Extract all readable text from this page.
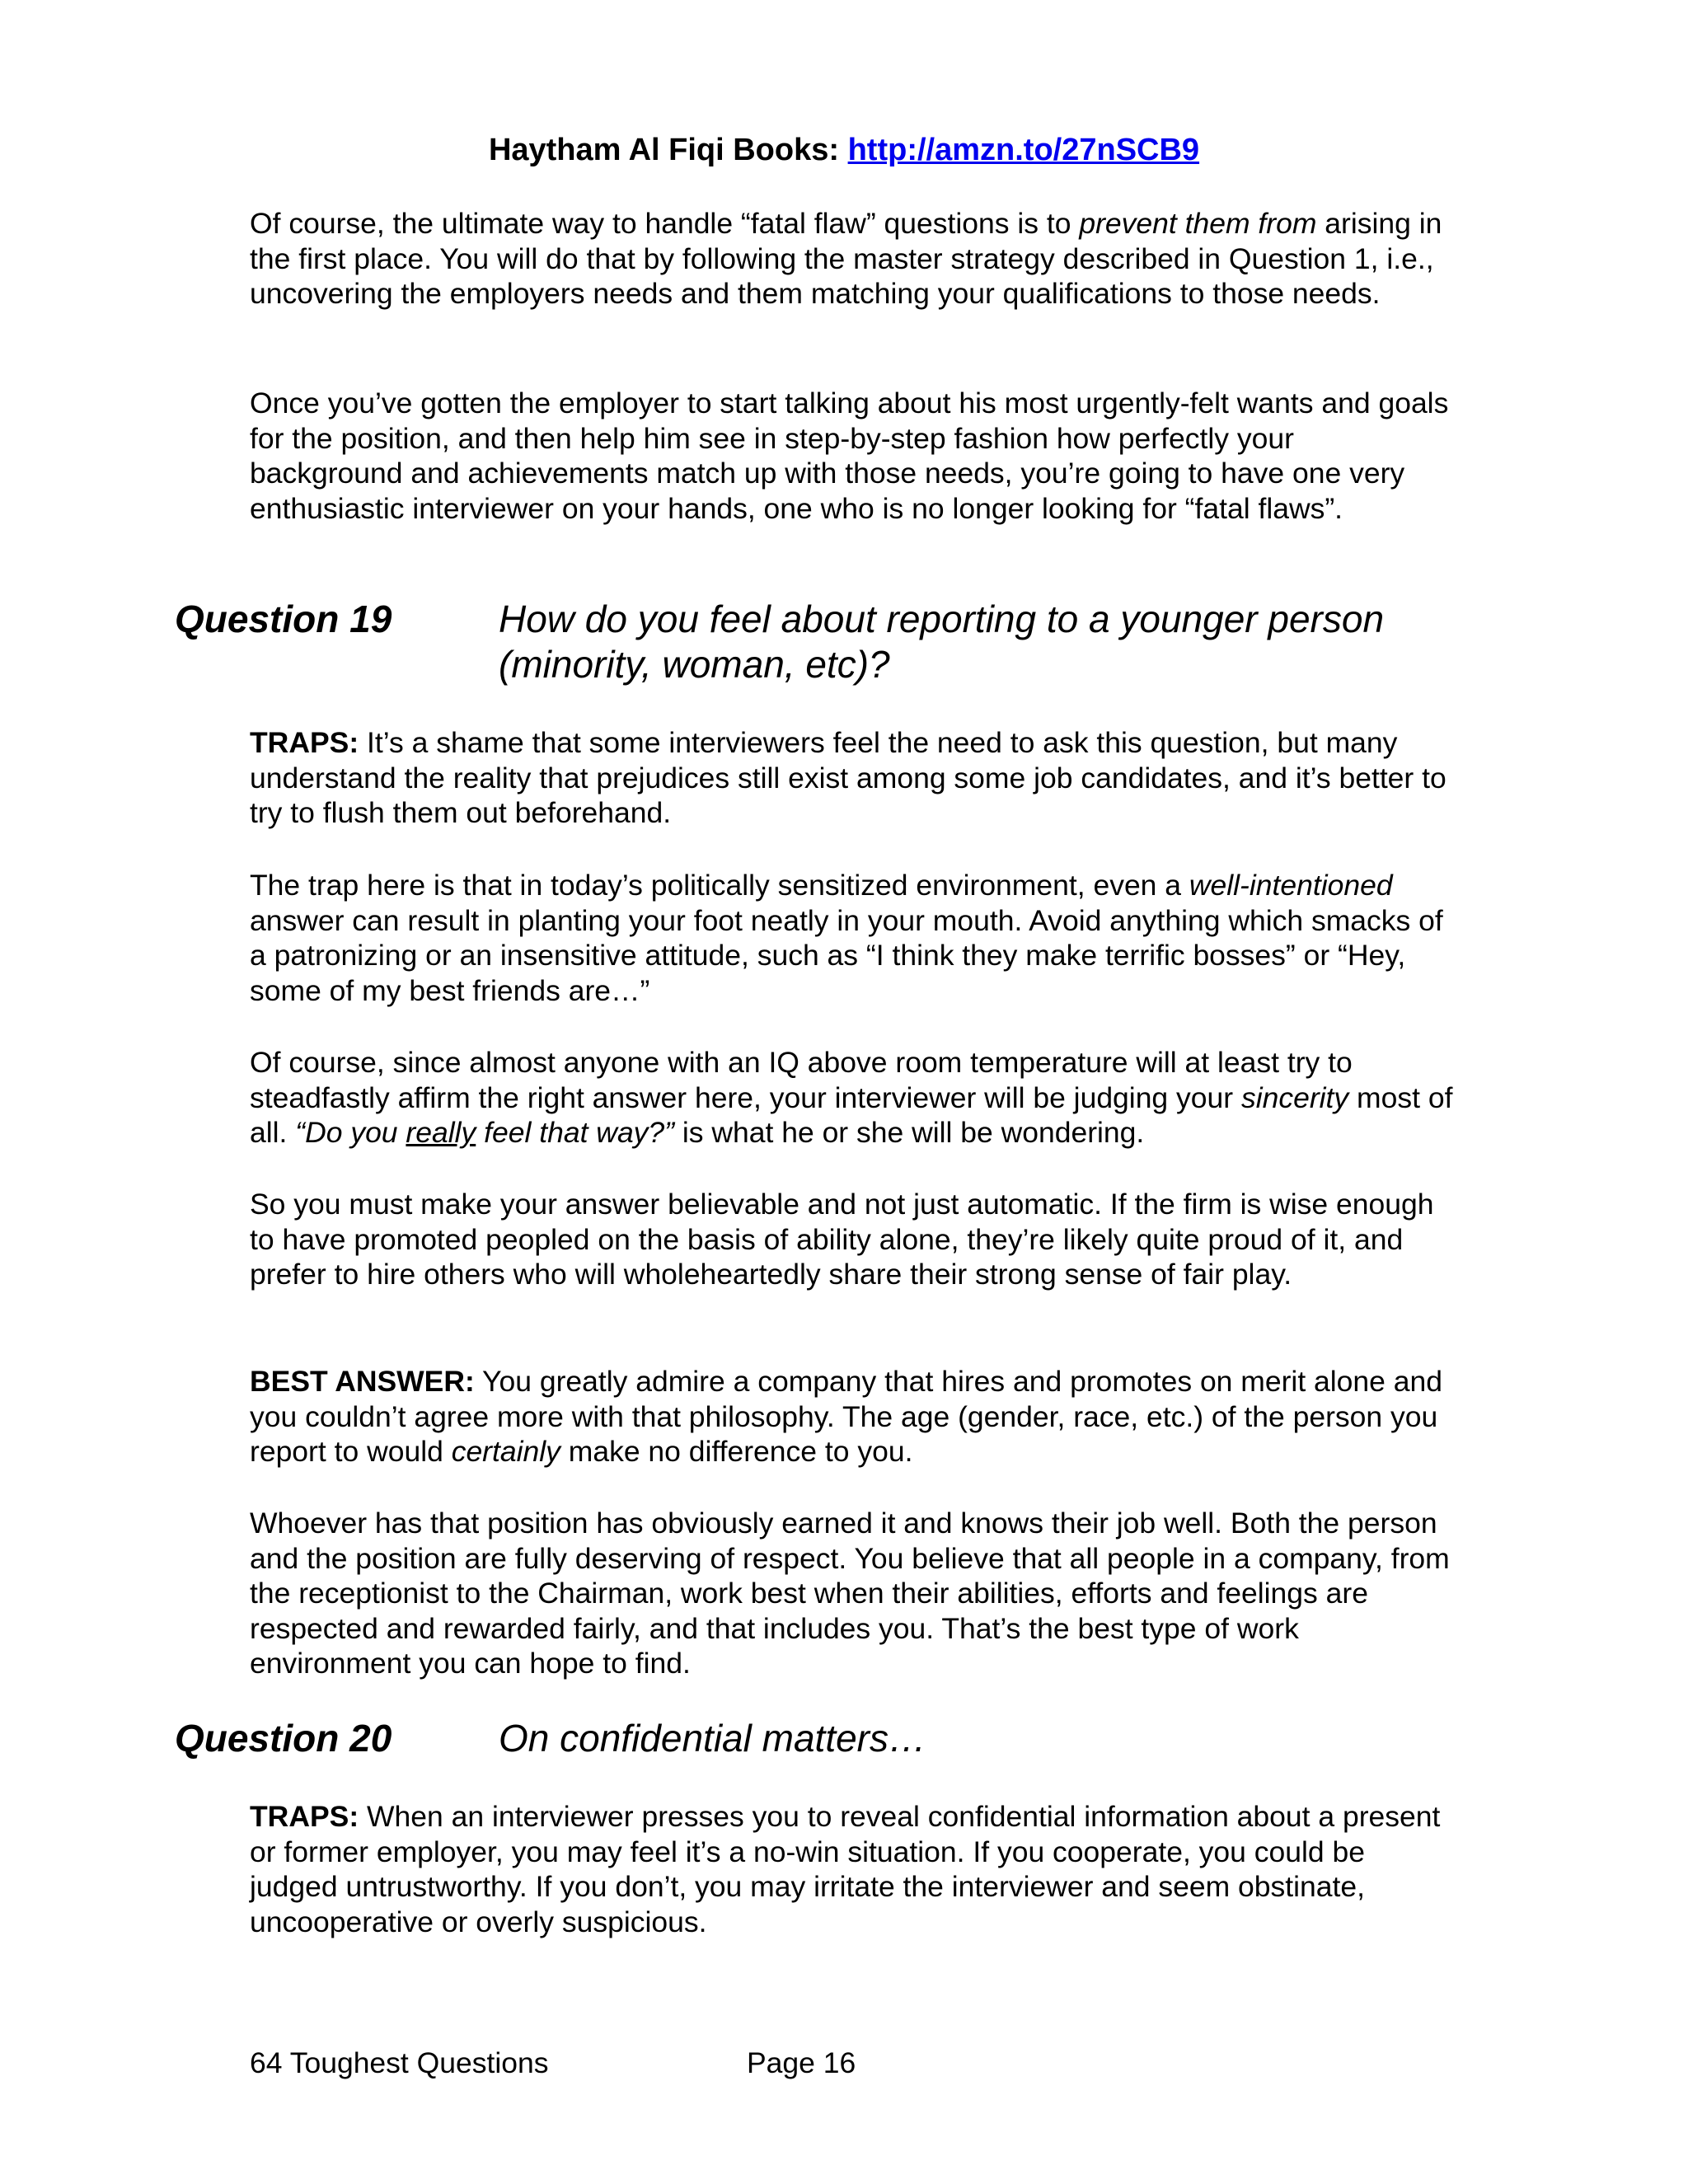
Haytham Al Fiqi Books: http://amzn.to/27nSCB9

Of course, the ultimate way to handle “fatal flaw” questions is to prevent them from arising in the first place. You will do that by following the master strategy described in Question 1, i.e., uncovering the employers needs and them matching your qualifications to those needs.

Once you’ve gotten the employer to start talking about his most urgently-felt wants and goals for the position, and then help him see in step-by-step fashion how perfectly your background and achievements match up with those needs, you’re going to have one very enthusiastic interviewer on your hands, one who is no longer looking for “fatal flaws”.

Question 19	How do you feel about reporting to a younger person (minority, woman, etc)?

TRAPS: It’s a shame that some interviewers feel the need to ask this question, but many understand the reality that prejudices still exist among some job candidates, and it’s better to try to flush them out beforehand.

The trap here is that in today’s politically sensitized environment, even a well-intentioned answer can result in planting your foot neatly in your mouth. Avoid anything which smacks of a patronizing or an insensitive attitude, such as “I think they make terrific bosses” or “Hey, some of my best friends are…”

Of course, since almost anyone with an IQ above room temperature will at least try to steadfastly affirm the right answer here, your interviewer will be judging your sincerity most of all. “Do you really feel that way?” is what he or she will be wondering.

So you must make your answer believable and not just automatic. If the firm is wise enough to have promoted peopled on the basis of ability alone, they’re likely quite proud of it, and prefer to hire others who will wholeheartedly share their strong sense of fair play.

BEST ANSWER: You greatly admire a company that hires and promotes on merit alone and you couldn’t agree more with that philosophy. The age (gender, race, etc.) of the person you report to would certainly make no difference to you.

Whoever has that position has obviously earned it and knows their job well. Both the person and the position are fully deserving of respect. You believe that all people in a company, from the receptionist to the Chairman, work best when their abilities, efforts and feelings are respected and rewarded fairly, and that includes you. That’s the best type of work environment you can hope to find.

Question 20	On confidential matters…

TRAPS: When an interviewer presses you to reveal confidential information about a present or former employer, you may feel it’s a no-win situation. If you cooperate, you could be judged untrustworthy. If you don’t, you may irritate the interviewer and seem obstinate, uncooperative or overly suspicious.

64 Toughest Questions	Page 16
